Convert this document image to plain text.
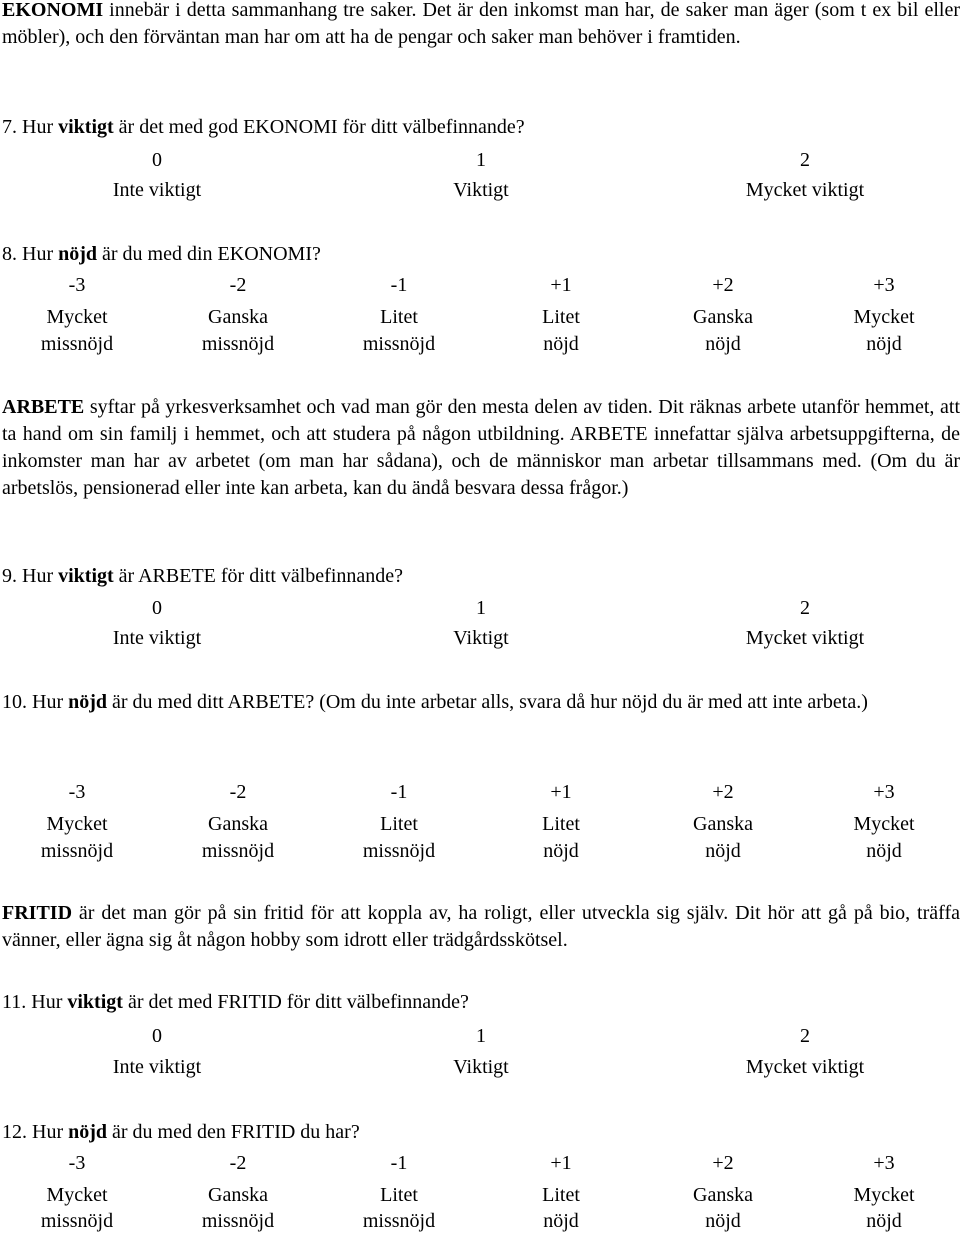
EKONOMI innebär i detta sammanhang tre saker. Det är den inkomst man har, de saker man äger (som t ex bil eller möbler), och den förväntan man har om att ha de pengar och saker man behöver i framtiden.
7. Hur viktigt är det med god EKONOMI för ditt välbefinnande?
0	1	2
Inte viktigt	Viktigt	Mycket viktigt
8. Hur nöjd är du med din EKONOMI?
-3	-2	-1	+1	+2	+3
Mycket	Ganska	Litet	Litet	Ganska	Mycket
missnöjd	missnöjd	missnöjd	nöjd	nöjd	nöjd
ARBETE syftar på yrkesverksamhet och vad man gör den mesta delen av tiden. Dit räknas arbete utanför hemmet, att ta hand om sin familj i hemmet, och att studera på någon utbildning. ARBETE innefattar själva arbetsuppgifterna, de inkomster man har av arbetet (om man har sådana), och de människor man arbetar tillsammans med. (Om du är arbetslös, pensionerad eller inte kan arbeta, kan du ändå besvara dessa frågor.)
9. Hur viktigt är ARBETE för ditt välbefinnande?
0	1	2
Inte viktigt	Viktigt	Mycket viktigt
10. Hur nöjd är du med ditt ARBETE? (Om du inte arbetar alls, svara då hur nöjd du är med att inte arbeta.)
-3	-2	-1	+1	+2	+3
Mycket	Ganska	Litet	Litet	Ganska	Mycket
missnöjd	missnöjd	missnöjd	nöjd	nöjd	nöjd
FRITID är det man gör på sin fritid för att koppla av, ha roligt, eller utveckla sig själv. Dit hör att gå på bio, träffa vänner, eller ägna sig åt någon hobby som idrott eller trädgårdsskötsel.
11. Hur viktigt är det med FRITID för ditt välbefinnande?
0	1	2
Inte viktigt	Viktigt	Mycket viktigt
12. Hur nöjd är du med den FRITID du har?
-3	-2	-1	+1	+2	+3
Mycket	Ganska	Litet	Litet	Ganska	Mycket
missnöjd	missnöjd	missnöjd	nöjd	nöjd	nöjd
